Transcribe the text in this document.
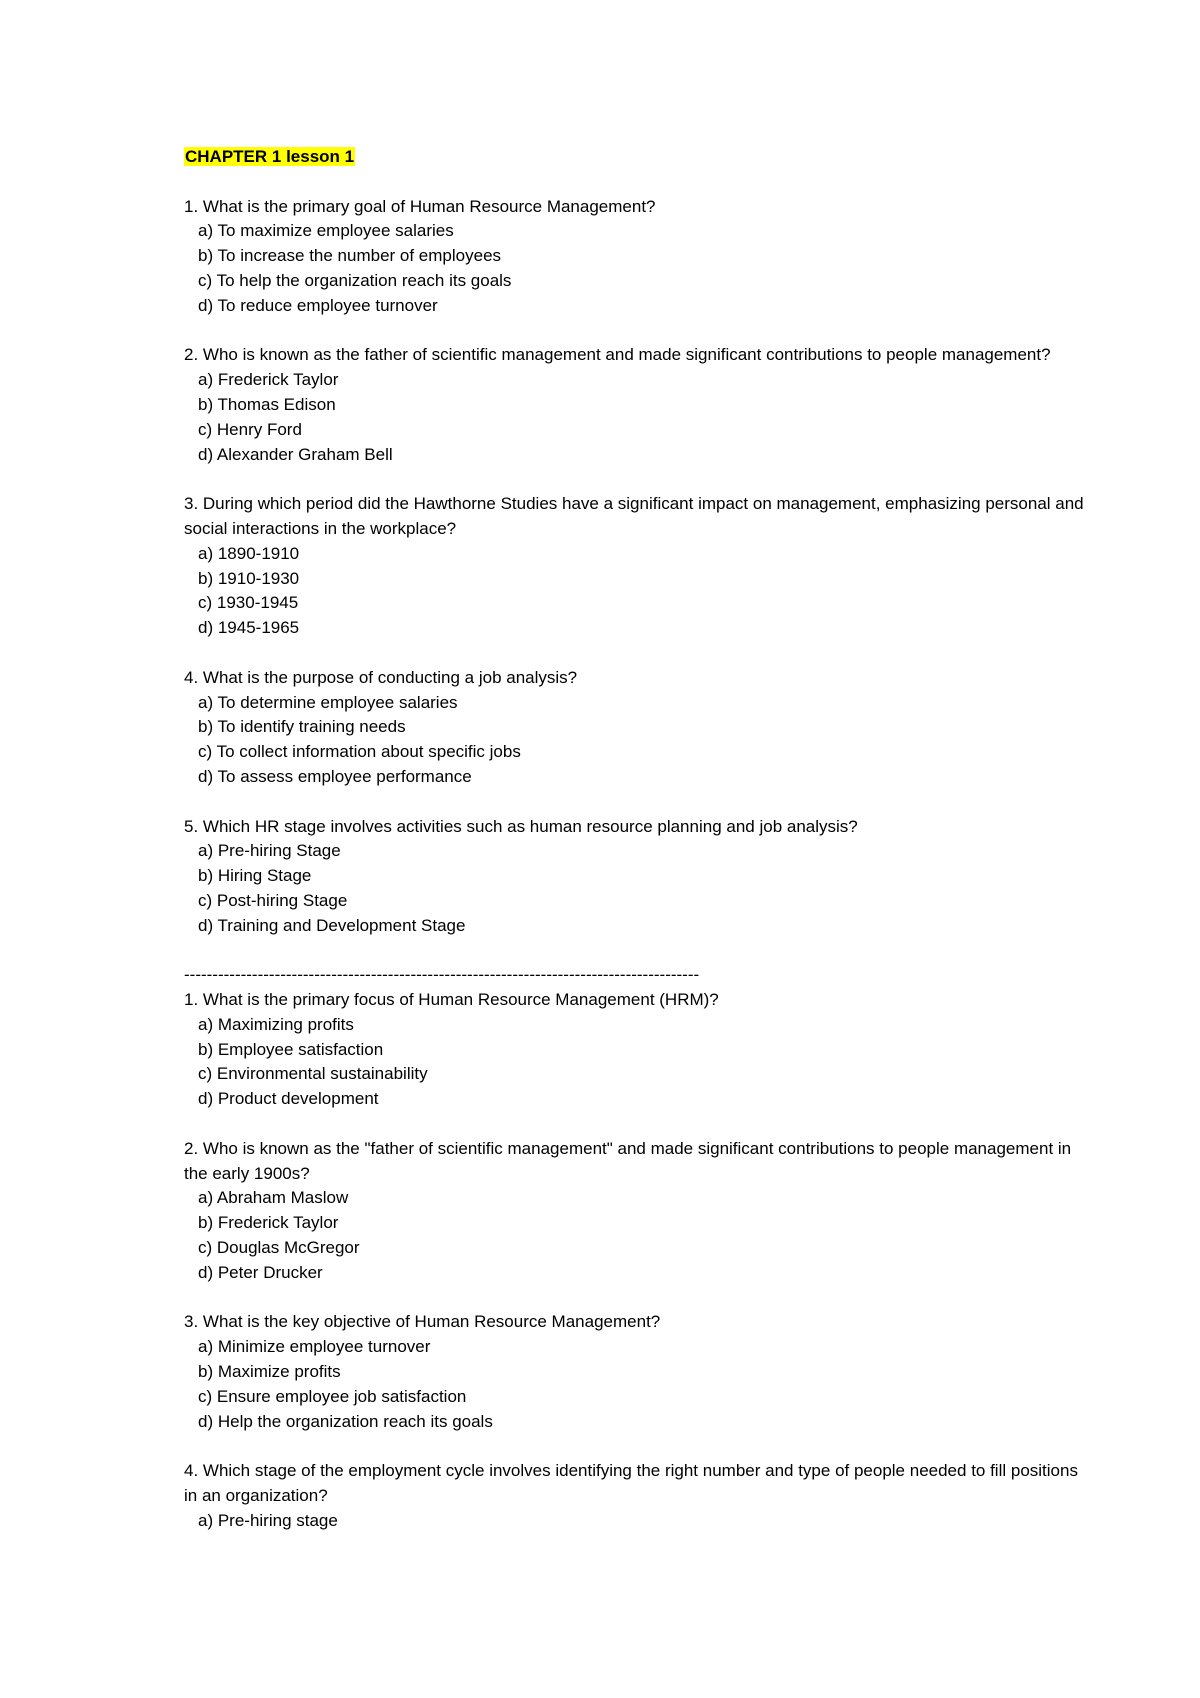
CHAPTER 1 lesson 1
1. What is the primary goal of Human Resource Management?
a) To maximize employee salaries
b) To increase the number of employees
c) To help the organization reach its goals
d) To reduce employee turnover
2. Who is known as the father of scientific management and made significant contributions to people management?
a) Frederick Taylor
b) Thomas Edison
c) Henry Ford
d) Alexander Graham Bell
3. During which period did the Hawthorne Studies have a significant impact on management, emphasizing personal and social interactions in the workplace?
a) 1890-1910
b) 1910-1930
c) 1930-1945
d) 1945-1965
4. What is the purpose of conducting a job analysis?
a) To determine employee salaries
b) To identify training needs
c) To collect information about specific jobs
d) To assess employee performance
5. Which HR stage involves activities such as human resource planning and job analysis?
a) Pre-hiring Stage
b) Hiring Stage
c) Post-hiring Stage
d) Training and Development Stage
-------------------------------------------------------------------------------------------
1. What is the primary focus of Human Resource Management (HRM)?
a) Maximizing profits
b) Employee satisfaction
c) Environmental sustainability
d) Product development
2. Who is known as the "father of scientific management" and made significant contributions to people management in the early 1900s?
a) Abraham Maslow
b) Frederick Taylor
c) Douglas McGregor
d) Peter Drucker
3. What is the key objective of Human Resource Management?
a) Minimize employee turnover
b) Maximize profits
c) Ensure employee job satisfaction
d) Help the organization reach its goals
4. Which stage of the employment cycle involves identifying the right number and type of people needed to fill positions in an organization?
a) Pre-hiring stage
